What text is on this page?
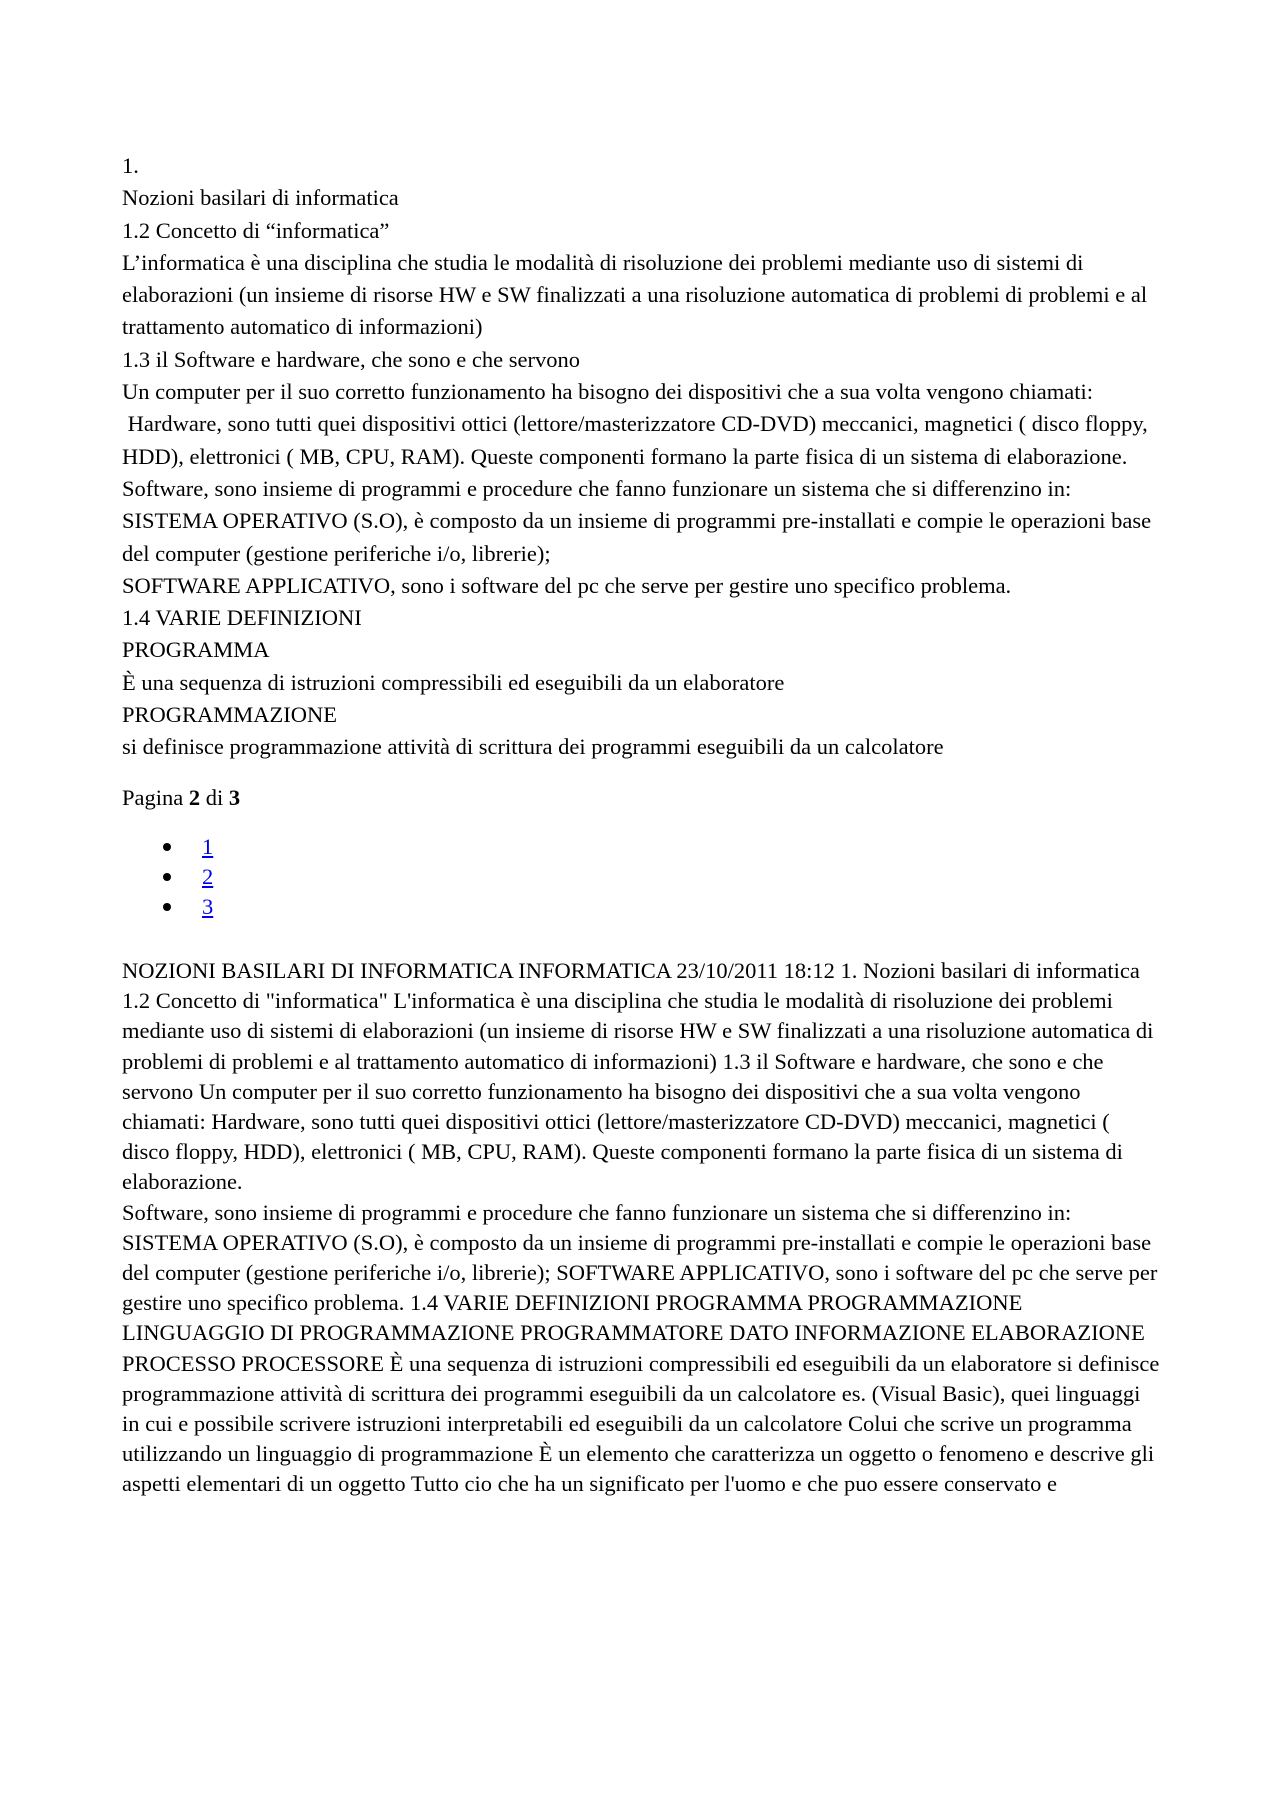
1.
Nozioni basilari di informatica
1.2 Concetto di “informatica”
L’informatica è una disciplina che studia le modalità di risoluzione dei problemi mediante uso di sistemi di elaborazioni (un insieme di risorse HW e SW finalizzati a una risoluzione automatica di problemi di problemi e al trattamento automatico di informazioni)
1.3 il Software e hardware, che sono e che servono
Un computer per il suo corretto funzionamento ha bisogno dei dispositivi che a sua volta vengono chiamati:
Hardware, sono tutti quei dispositivi ottici (lettore/masterizzatore CD-DVD) meccanici, magnetici ( disco floppy, HDD), elettronici ( MB, CPU, RAM). Queste componenti formano la parte fisica di un sistema di elaborazione.
Software, sono insieme di programmi e procedure che fanno funzionare un sistema che si differenzino in:
SISTEMA OPERATIVO (S.O), è composto da un insieme di programmi pre-installati e compie le operazioni base del computer (gestione periferiche i/o, librerie);
SOFTWARE APPLICATIVO, sono i software del pc che serve per gestire uno specifico problema.
1.4 VARIE DEFINIZIONI
PROGRAMMA
È una sequenza di istruzioni compressibili ed eseguibili da un elaboratore
PROGRAMMAZIONE
si definisce programmazione attività di scrittura dei programmi eseguibili da un calcolatore
Pagina 2 di 3
1
2
3
NOZIONI BASILARI DI INFORMATICA INFORMATICA 23/10/2011 18:12 1. Nozioni basilari di informatica 1.2 Concetto di "informatica" L'informatica è una disciplina che studia le modalità di risoluzione dei problemi mediante uso di sistemi di elaborazioni (un insieme di risorse HW e SW finalizzati a una risoluzione automatica di problemi di problemi e al trattamento automatico di informazioni) 1.3 il Software e hardware, che sono e che servono Un computer per il suo corretto funzionamento ha bisogno dei dispositivi che a sua volta vengono chiamati: Hardware, sono tutti quei dispositivi ottici (lettore/masterizzatore CD-DVD) meccanici, magnetici ( disco floppy, HDD), elettronici ( MB, CPU, RAM). Queste componenti formano la parte fisica di un sistema di elaborazione.
Software, sono insieme di programmi e procedure che fanno funzionare un sistema che si differenzino in: SISTEMA OPERATIVO (S.O), è composto da un insieme di programmi pre-installati e compie le operazioni base del computer (gestione periferiche i/o, librerie); SOFTWARE APPLICATIVO, sono i software del pc che serve per gestire uno specifico problema. 1.4 VARIE DEFINIZIONI PROGRAMMA PROGRAMMAZIONE LINGUAGGIO DI PROGRAMMAZIONE PROGRAMMATORE DATO INFORMAZIONE ELABORAZIONE PROCESSO PROCESSORE È una sequenza di istruzioni compressibili ed eseguibili da un elaboratore si definisce programmazione attività di scrittura dei programmi eseguibili da un calcolatore es. (Visual Basic), quei linguaggi in cui e possibile scrivere istruzioni interpretabili ed eseguibili da un calcolatore Colui che scrive un programma utilizzando un linguaggio di programmazione È un elemento che caratterizza un oggetto o fenomeno e descrive gli aspetti elementari di un oggetto Tutto cio che ha un significato per l'uomo e che puo essere conservato e
